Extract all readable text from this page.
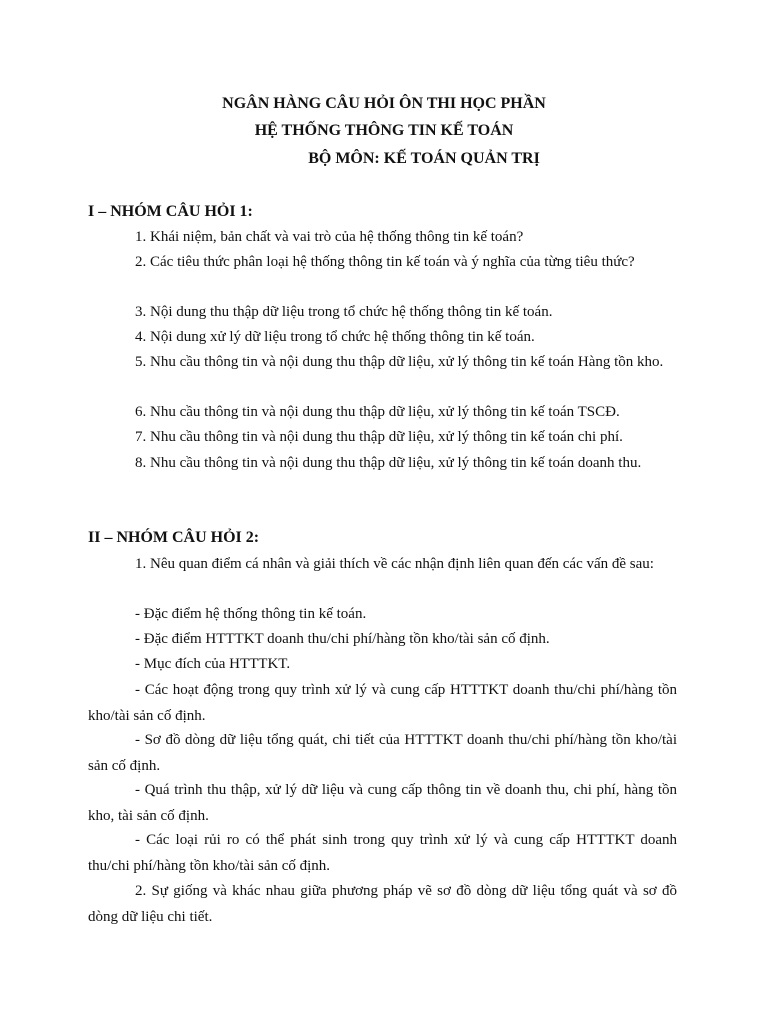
NGÂN HÀNG CÂU HỎI ÔN THI HỌC PHẦN
HỆ THỐNG THÔNG TIN KẾ TOÁN
BỘ MÔN: KẾ TOÁN QUẢN TRỊ
I – NHÓM CÂU HỎI 1:
1. Khái niệm, bản chất và vai trò của hệ thống thông tin kế toán?
2. Các tiêu thức phân loại hệ thống thông tin kế toán và ý nghĩa của từng tiêu thức?
3. Nội dung thu thập dữ liệu trong tổ chức hệ thống thông tin kế toán.
4. Nội dung xử lý dữ liệu trong tổ chức hệ thống thông tin kế toán.
5. Nhu cầu thông tin và nội dung thu thập dữ liệu, xử lý thông tin kế toán Hàng tồn kho.
6. Nhu cầu thông tin và nội dung thu thập dữ liệu, xử lý thông tin kế toán TSCĐ.
7. Nhu cầu thông tin và nội dung thu thập dữ liệu, xử lý thông tin kế toán chi phí.
8. Nhu cầu thông tin và nội dung thu thập dữ liệu, xử lý thông tin kế toán doanh thu.
II – NHÓM CÂU HỎI 2:
1. Nêu quan điểm cá nhân và giải thích về các nhận định liên quan đến các vấn đề sau:
- Đặc điểm hệ thống thông tin kế toán.
- Đặc điểm HTTTKT doanh thu/chi phí/hàng tồn kho/tài sản cố định.
- Mục đích của HTTTKT.
- Các hoạt động trong quy trình xử lý và cung cấp HTTTKT doanh thu/chi phí/hàng tồn kho/tài sản cố định.
- Sơ đồ dòng dữ liệu tổng quát, chi tiết của HTTTKT doanh thu/chi phí/hàng tồn kho/tài sản cố định.
- Quá trình thu thập, xử lý dữ liệu và cung cấp thông tin về doanh thu, chi phí, hàng tồn kho, tài sản cố định.
- Các loại rủi ro có thể phát sinh trong quy trình xử lý và cung cấp HTTTKT doanh thu/chi phí/hàng tồn kho/tài sản cố định.
2. Sự giống và khác nhau giữa phương pháp vẽ sơ đồ dòng dữ liệu tổng quát và sơ đồ dòng dữ liệu chi tiết.
